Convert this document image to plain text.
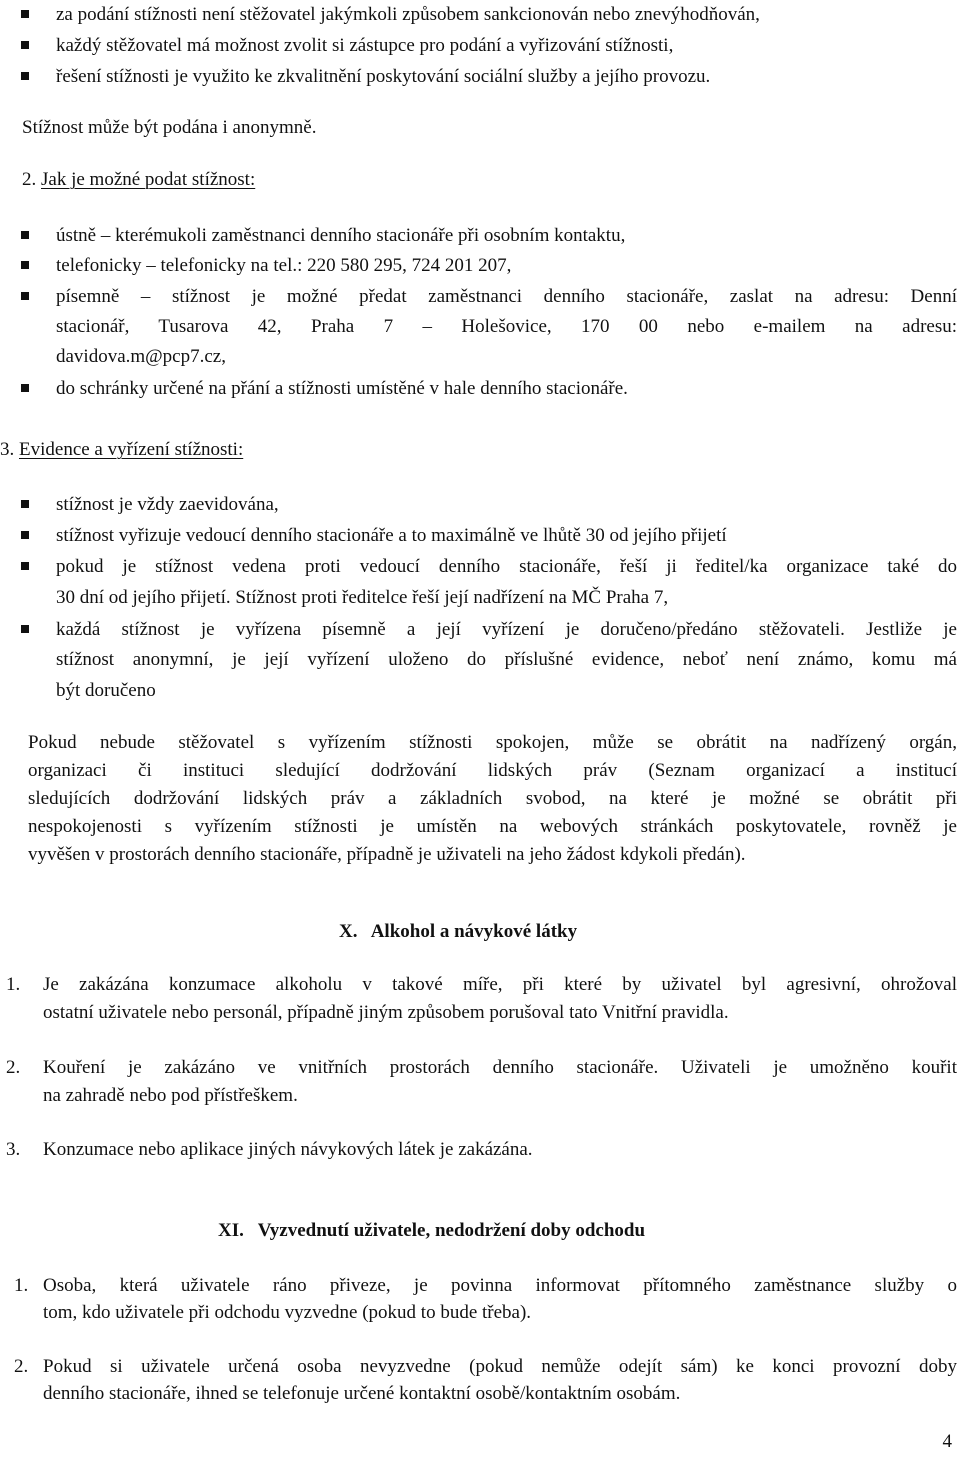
za podání stížnosti není stěžovatel jakýmkoli způsobem sankcionován nebo znevýhodňován,
každý stěžovatel má možnost zvolit si zástupce pro podání a vyřizování stížnosti,
řešení stížnosti je využito ke zkvalitnění poskytování sociální služby a jejího provozu.
Stížnost může být podána i anonymně.
2. Jak je možné podat stížnost:
ústně – kterémukoli zaměstnanci denního stacionáře při osobním kontaktu,
telefonicky – telefonicky na tel.: 220 580 295, 724 201 207,
písemně – stížnost je možné předat zaměstnanci denního stacionáře, zaslat na adresu: Denní
stacionář, Tusarova 42, Praha 7 – Holešovice, 170 00 nebo e-mailem na adresu:
davidova.m@pcp7.cz,
do schránky určené na přání a stížnosti umístěné v hale denního stacionáře.
3. Evidence a vyřízení stížnosti:
stížnost je vždy zaevidována,
stížnost vyřizuje vedoucí denního stacionáře a to maximálně ve lhůtě 30 od jejího přijetí
pokud je stížnost vedena proti vedoucí denního stacionáře, řeší ji ředitel/ka organizace také do
30 dní od jejího přijetí. Stížnost proti ředitelce řeší její nadřízení na MČ Praha 7,
každá stížnost je vyřízena písemně a její vyřízení je doručeno/předáno stěžovateli. Jestliže je
stížnost anonymní, je její vyřízení uloženo do příslušné evidence, neboť není známo, komu má
být doručeno
Pokud nebude stěžovatel s vyřízením stížnosti spokojen, může se obrátit na nadřízený orgán,
organizaci či instituci sledující dodržování lidských práv (Seznam organizací a institucí
sledujících dodržování lidských práv a základních svobod, na které je možné se obrátit při
nespokojenosti s vyřízením stížnosti je umístěn na webových stránkách poskytovatele, rovněž je
vyvěšen v prostorách denního stacionáře, případně je uživateli na jeho žádost kdykoli předán).
X. Alkohol a návykové látky
1. Je zakázána konzumace alkoholu v takové míře, při které by uživatel byl agresivní, ohrožoval
ostatní uživatele nebo personál, případně jiným způsobem porušoval tato Vnitřní pravidla.
2. Kouření je zakázáno ve vnitřních prostorách denního stacionáře. Uživateli je umožněno kouřit
na zahradě nebo pod přístřeškem.
3. Konzumace nebo aplikace jiných návykových látek je zakázána.
XI. Vyzvednutí uživatele, nedodržení doby odchodu
1. Osoba, která uživatele ráno přiveze, je povinna informovat přítomného zaměstnance služby o
tom, kdo uživatele při odchodu vyzvedne (pokud to bude třeba).
2. Pokud si uživatele určená osoba nevyzvedne (pokud nemůže odejít sám) ke konci provozní doby
denního stacionáře, ihned se telefonuje určené kontaktní osobě/kontaktním osobám.
4
